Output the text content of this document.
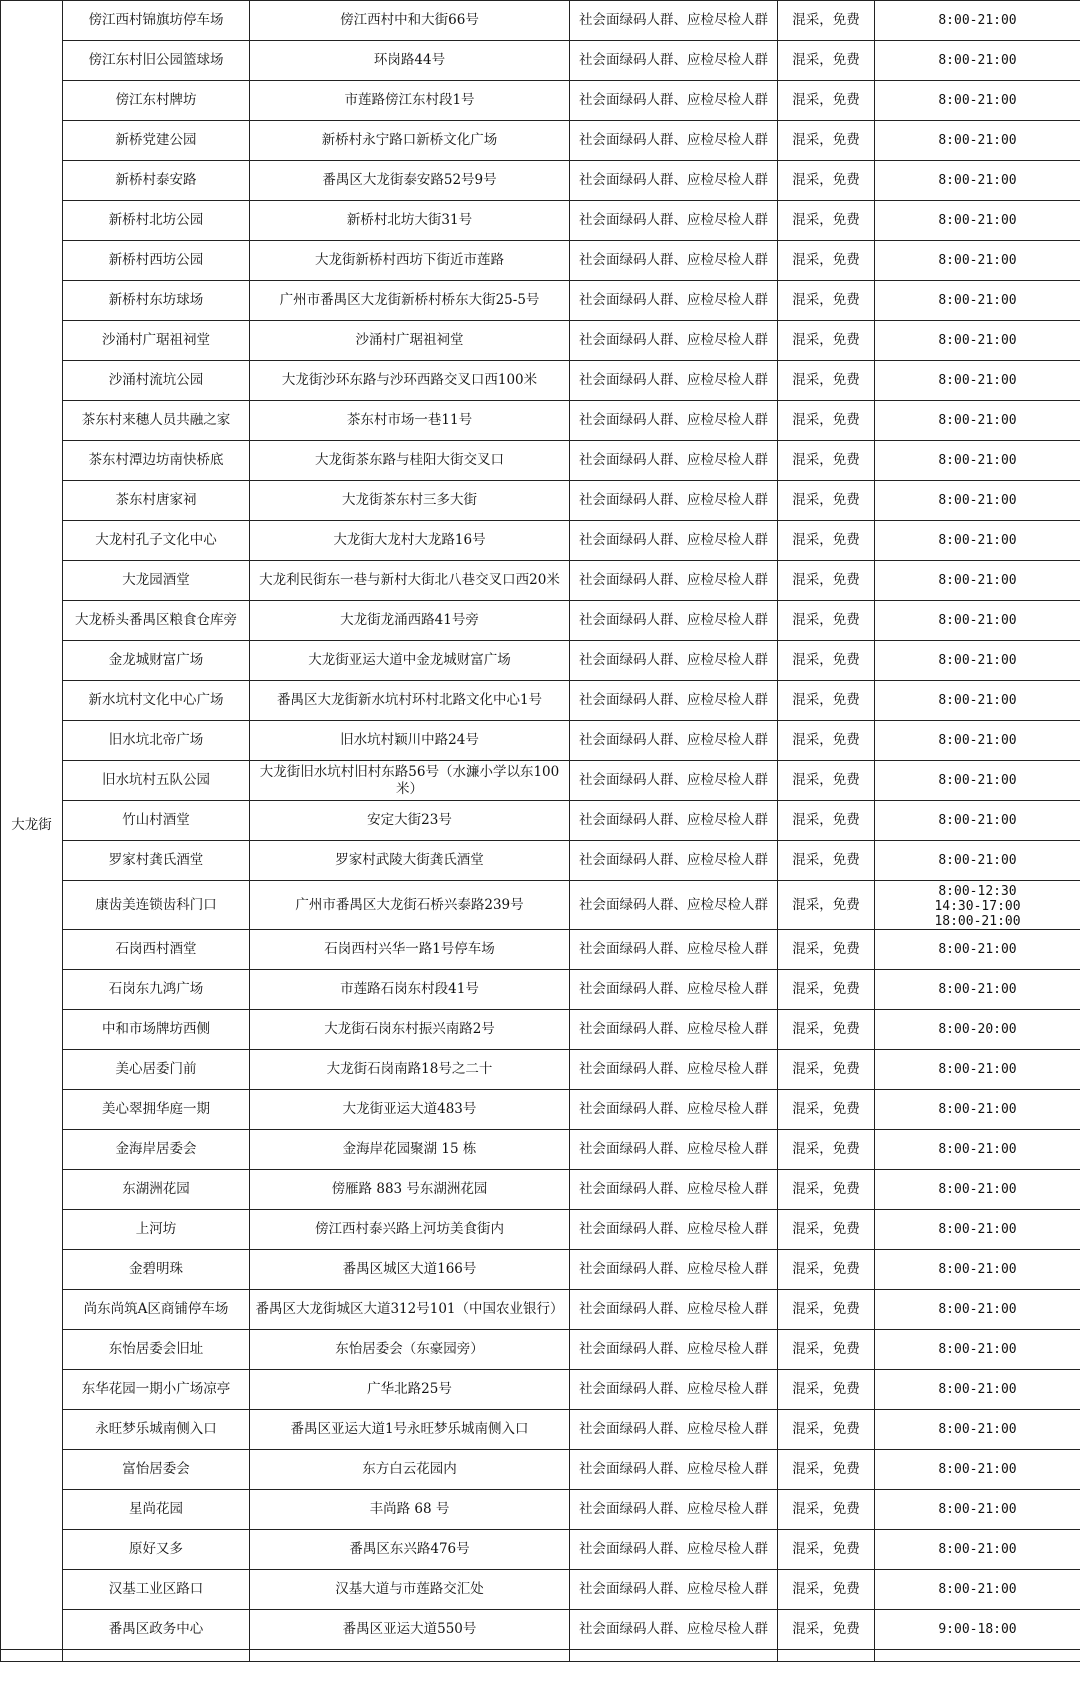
大龙街	傍江西村锦旗坊停车场	傍江西村中和大街66号	社会面绿码人群、应检尽检人群	混采，免费	8:00-21:00

	傍江东村旧公园篮球场	环岗路44号	社会面绿码人群、应检尽检人群	混采，免费	8:00-21:00

	傍江东村牌坊	市莲路傍江东村段1号	社会面绿码人群、应检尽检人群	混采，免费	8:00-21:00

	新桥党建公园	新桥村永宁路口新桥文化广场	社会面绿码人群、应检尽检人群	混采，免费	8:00-21:00

	新桥村泰安路	番禺区大龙街泰安路52号9号	社会面绿码人群、应检尽检人群	混采，免费	8:00-21:00

	新桥村北坊公园	新桥村北坊大街31号	社会面绿码人群、应检尽检人群	混采，免费	8:00-21:00

	新桥村西坊公园	大龙街新桥村西坊下街近市莲路	社会面绿码人群、应检尽检人群	混采，免费	8:00-21:00

	新桥村东坊球场	广州市番禺区大龙街新桥村桥东大街25-5号	社会面绿码人群、应检尽检人群	混采，免费	8:00-21:00

	沙涌村广琚祖祠堂	沙涌村广琚祖祠堂	社会面绿码人群、应检尽检人群	混采，免费	8:00-21:00

	沙涌村流坑公园	大龙街沙环东路与沙环西路交叉口西100米	社会面绿码人群、应检尽检人群	混采，免费	8:00-21:00

	茶东村来穗人员共融之家	茶东村市场一巷11号	社会面绿码人群、应检尽检人群	混采，免费	8:00-21:00

	茶东村潭边坊南快桥底	大龙街茶东路与桂阳大街交叉口	社会面绿码人群、应检尽检人群	混采，免费	8:00-21:00

	茶东村唐家祠	大龙街茶东村三多大街	社会面绿码人群、应检尽检人群	混采，免费	8:00-21:00

	大龙村孔子文化中心	大龙街大龙村大龙路16号	社会面绿码人群、应检尽检人群	混采，免费	8:00-21:00

	大龙园酒堂	大龙利民街东一巷与新村大街北八巷交叉口西20米	社会面绿码人群、应检尽检人群	混采，免费	8:00-21:00

	大龙桥头番禺区粮食仓库旁	大龙街龙涌西路41号旁	社会面绿码人群、应检尽检人群	混采，免费	8:00-21:00

	金龙城财富广场	大龙街亚运大道中金龙城财富广场	社会面绿码人群、应检尽检人群	混采，免费	8:00-21:00

	新水坑村文化中心广场	番禺区大龙街新水坑村环村北路文化中心1号	社会面绿码人群、应检尽检人群	混采，免费	8:00-21:00

	旧水坑北帝广场	旧水坑村颖川中路24号	社会面绿码人群、应检尽检人群	混采，免费	8:00-21:00

	旧水坑村五队公园	大龙街旧水坑村旧村东路56号（水濂小学以东100米）	社会面绿码人群、应检尽检人群	混采，免费	8:00-21:00

	竹山村酒堂	安定大街23号	社会面绿码人群、应检尽检人群	混采，免费	8:00-21:00

	罗家村龚氏酒堂	罗家村武陵大街龚氏酒堂	社会面绿码人群、应检尽检人群	混采，免费	8:00-21:00

	康齿美连锁齿科门口	广州市番禺区大龙街石桥兴泰路239号	社会面绿码人群、应检尽检人群	混采，免费	8:00-12:30
14:30-17:00
18:00-21:00

	石岗西村酒堂	石岗西村兴华一路1号停车场	社会面绿码人群、应检尽检人群	混采，免费	8:00-21:00

	石岗东九鸿广场	市莲路石岗东村段41号	社会面绿码人群、应检尽检人群	混采，免费	8:00-21:00

	中和市场牌坊西侧	大龙街石岗东村振兴南路2号	社会面绿码人群、应检尽检人群	混采，免费	8:00-20:00

	美心居委门前	大龙街石岗南路18号之二十	社会面绿码人群、应检尽检人群	混采，免费	8:00-21:00

	美心翠拥华庭一期	大龙街亚运大道483号	社会面绿码人群、应检尽检人群	混采，免费	8:00-21:00

	金海岸居委会	金海岸花园聚湖 15 栋	社会面绿码人群、应检尽检人群	混采，免费	8:00-21:00

	东湖洲花园	傍雁路 883 号东湖洲花园	社会面绿码人群、应检尽检人群	混采，免费	8:00-21:00

	上河坊	傍江西村泰兴路上河坊美食街内	社会面绿码人群、应检尽检人群	混采，免费	8:00-21:00

	金碧明珠	番禺区城区大道166号	社会面绿码人群、应检尽检人群	混采，免费	8:00-21:00

	尚东尚筑A区商铺停车场	番禺区大龙街城区大道312号101（中国农业银行）	社会面绿码人群、应检尽检人群	混采，免费	8:00-21:00

	东怡居委会旧址	东怡居委会（东豪园旁）	社会面绿码人群、应检尽检人群	混采，免费	8:00-21:00

	东华花园一期小广场凉亭	广华北路25号	社会面绿码人群、应检尽检人群	混采，免费	8:00-21:00

	永旺梦乐城南侧入口	番禺区亚运大道1号永旺梦乐城南侧入口	社会面绿码人群、应检尽检人群	混采，免费	8:00-21:00

	富怡居委会	东方白云花园内	社会面绿码人群、应检尽检人群	混采，免费	8:00-21:00

	星尚花园	丰尚路 68 号	社会面绿码人群、应检尽检人群	混采，免费	8:00-21:00

	原好又多	番禺区东兴路476号	社会面绿码人群、应检尽检人群	混采，免费	8:00-21:00

	汉基工业区路口	汉基大道与市莲路交汇处	社会面绿码人群、应检尽检人群	混采，免费	8:00-21:00

	番禺区政务中心	番禺区亚运大道550号	社会面绿码人群、应检尽检人群	混采，免费	9:00-18:00
